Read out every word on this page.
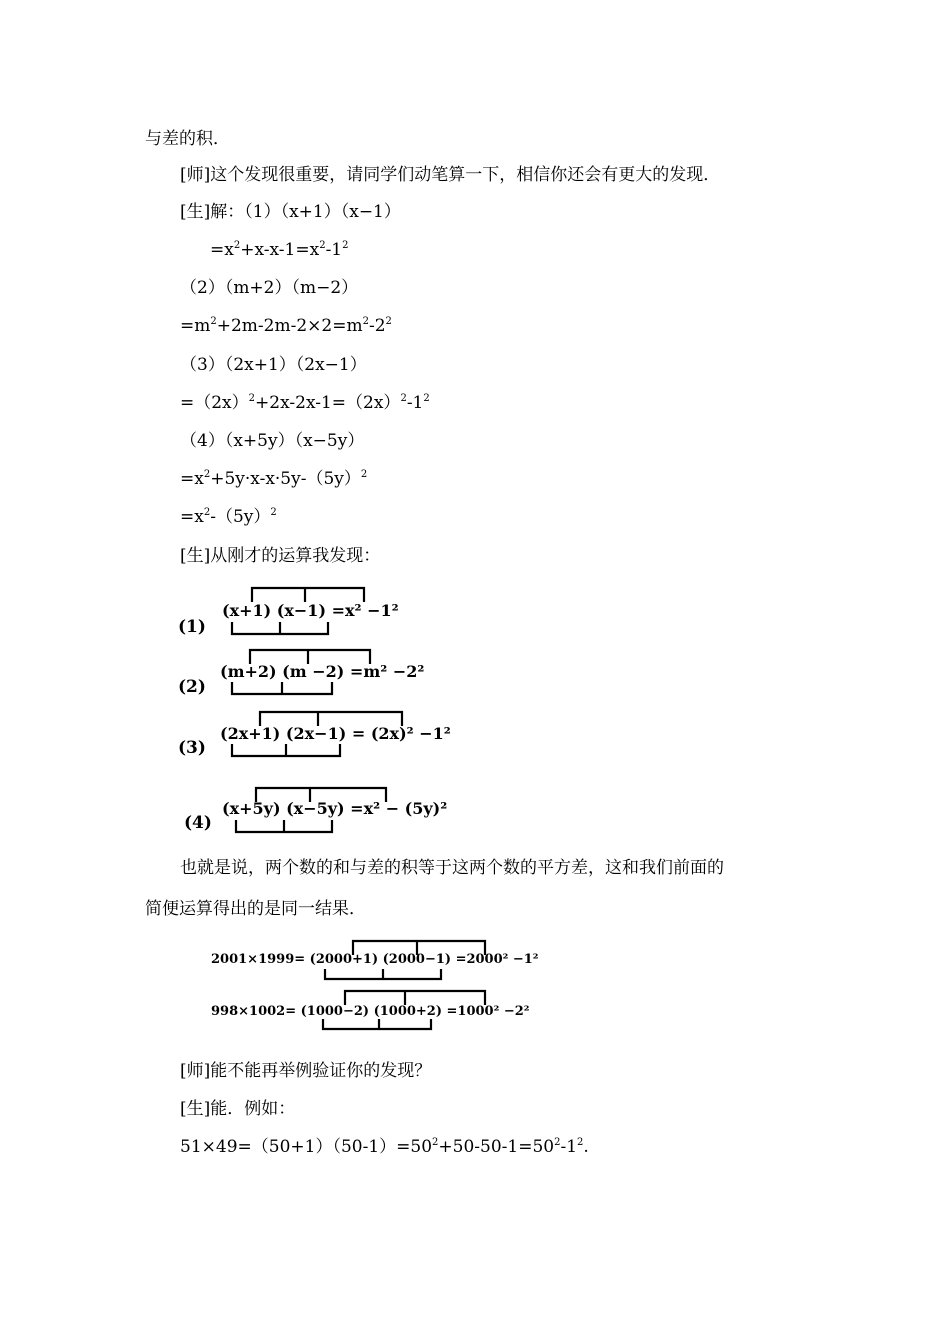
与差的积．
[师]这个发现很重要，请同学们动笔算一下，相信你还会有更大的发现．
[生]解：（1）（x+1）（x−1）
$=x^2+x-x-1=x^2-1^2$
（2）（m+2）（m−2）
$=m^2+2m-2m-2\times 2=m^2-2^2$
（3）（2x+1）（2x−1）
$=(2x)^2+2x-2x-1=(2x)^2-1^2$
（4）（x+5y）（x−5y）
$=x^2+5y\cdot x-x\cdot 5y-(5y)^2$
$=x^2-(5y)^2$
[生]从刚才的运算我发现：
(1)
(x+1) (x−1) =x² −1²
(2)
(m+2) (m −2) =m² −2²
(3)
(2x+1) (2x−1) = (2x)² −1²
(4)
(x+5y) (x−5y) =x² − (5y)²
也就是说，两个数的和与差的积等于这两个数的平方差，这和我们前面的
简便运算得出的是同一结果．
2001×1999= (2000+1) (2000−1) =2000² −1²
998×1002= (1000−2) (1000+2) =1000² −2²
[师]能不能再举例验证你的发现？
[生]能．例如：
$51\times 49=(50+1)(50-1)=50^2+50-50-1=50^2-1^2$.
